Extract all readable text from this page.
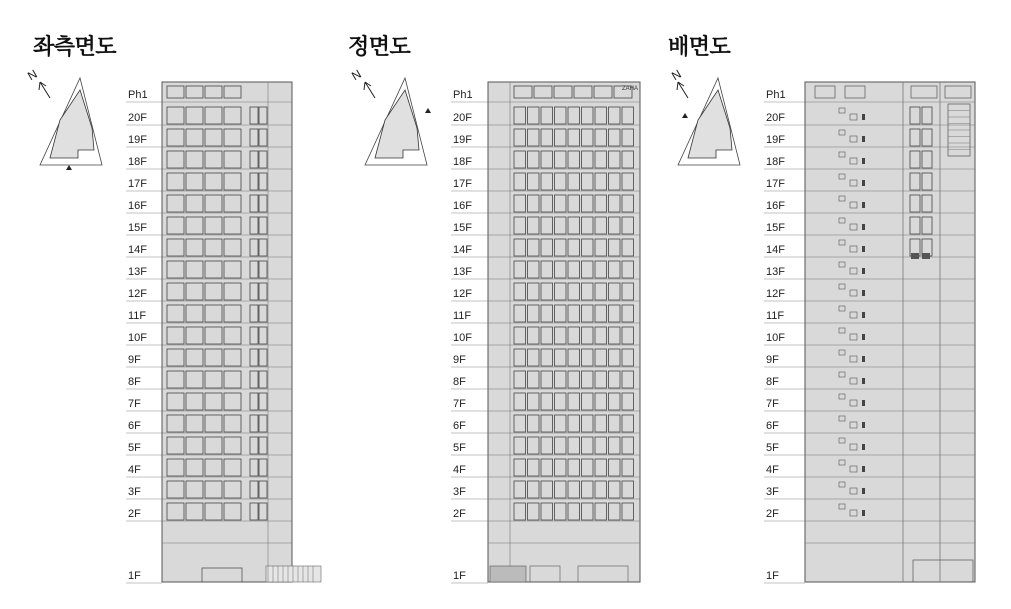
좌측면도	정면도	배면도
N	N	N
Ph1
20F
19F
18F
17F
16F
15F
14F
13F
12F
11F
10F
9F
8F
7F
6F
5F
4F
3F
2F
1F
Ph1
20F
19F
18F
17F
16F
15F
14F
13F
12F
11F
10F
9F
8F
7F
6F
5F
4F
3F
2F
1F
ZAHA	Ph1
20F
19F
18F
17F
16F
15F
14F
13F
12F
11F
10F
9F
8F
7F
6F
5F
4F
3F
2F
1F
